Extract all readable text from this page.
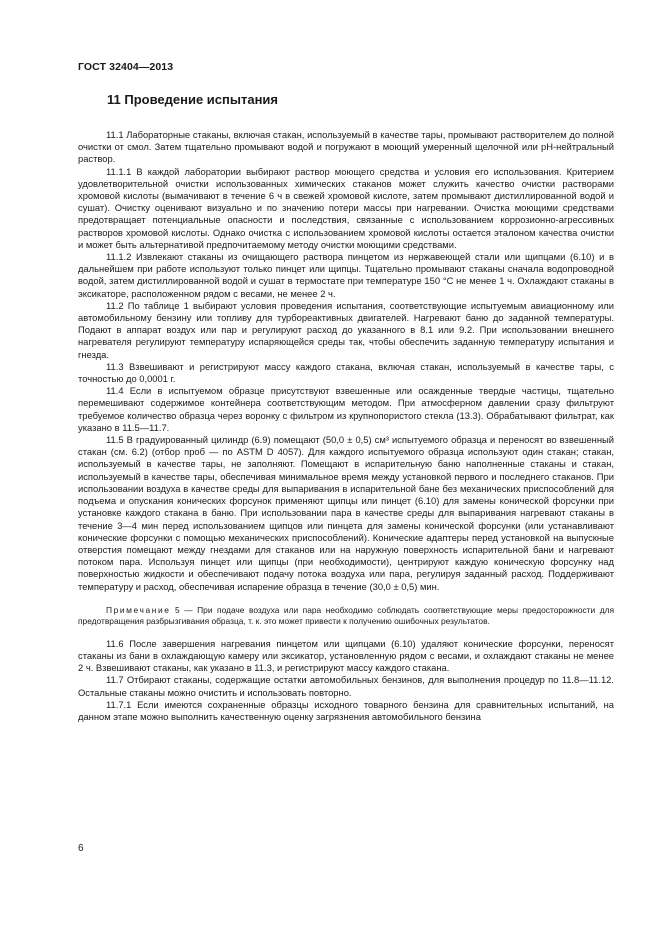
ГОСТ 32404—2013
11 Проведение испытания

11.1 Лабораторные стаканы, включая стакан, используемый в качестве тары, промывают растворителем до полной очистки от смол. Затем тщательно промывают водой и погружают в моющий умеренный щелочной или pH-нейтральный раствор.

11.1.1 В каждой лаборатории выбирают раствор моющего средства и условия его использования. Критерием удовлетворительной очистки использованных химических стаканов может служить качество очистки растворами хромовой кислоты (вымачивают в течение 6 ч в свежей хромовой кислоте, затем промывают дистиллированной водой и сушат). Очистку оценивают визуально и по значению потери массы при нагревании. Очистка моющими средствами предотвращает потенциальные опасности и последствия, связанные с использованием коррозионно-агрессивных растворов хромовой кислоты. Однако очистка с использованием хромовой кислоты остается эталоном качества очистки и может быть альтернативой предпочитаемому методу очистки моющими средствами.

11.1.2 Извлекают стаканы из очищающего раствора пинцетом из нержавеющей стали или щипцами (6.10) и в дальнейшем при работе используют только пинцет или щипцы. Тщательно промывают стаканы сначала водопроводной водой, затем дистиллированной водой и сушат в термостате при температуре 150 °С не менее 1 ч. Охлаждают стаканы в эксикаторе, расположенном рядом с весами, не менее 2 ч.

11.2 По таблице 1 выбирают условия проведения испытания, соответствующие испытуемым авиационному или автомобильному бензину или топливу для турбореактивных двигателей. Нагревают баню до заданной температуры. Подают в аппарат воздух или пар и регулируют расход до указанного в 8.1 или 9.2. При использовании внешнего нагревателя регулируют температуру испаряющейся среды так, чтобы обеспечить заданную температуру испытания и гнезда.

11.3 Взвешивают и регистрируют массу каждого стакана, включая стакан, используемый в качестве тары, с точностью до 0,0001 г.

11.4 Если в испытуемом образце присутствуют взвешенные или осажденные твердые частицы, тщательно перемешивают содержимое контейнера соответствующим методом. При атмосферном давлении сразу фильтруют требуемое количество образца через воронку с фильтром из крупнопористого стекла (13.3). Обрабатывают фильтрат, как указано в 11.5—11.7.

11.5 В градуированный цилиндр (6.9) помещают (50,0 ± 0,5) см³ испытуемого образца и переносят во взвешенный стакан (см. 6.2) (отбор проб — по ASTM D 4057). Для каждого испытуемого образца используют один стакан; стакан, используемый в качестве тары, не заполняют. Помещают в испарительную баню наполненные стаканы и стакан, используемый в качестве тары, обеспечивая минимальное время между установкой первого и последнего стаканов. При использовании воздуха в качестве среды для выпаривания в испарительной бане без механических приспособлений для подъема и опускания конических форсунок применяют щипцы или пинцет (6.10) для замены конической форсунки при установке каждого стакана в баню. При использовании пара в качестве среды для выпаривания нагревают стаканы в течение 3—4 мин перед использованием щипцов или пинцета для замены конической форсунки (или устанавливают конические форсунки с помощью механических приспособлений). Конические адаптеры перед установкой на выпускные отверстия помещают между гнездами для стаканов или на наружную поверхность испарительной бани и нагревают потоком пара. Используя пинцет или щипцы (при необходимости), центрируют каждую коническую форсунку над поверхностью жидкости и обеспечивают подачу потока воздуха или пара, регулируя заданный расход. Поддерживают температуру и расход, обеспечивая испарение образца в течение (30,0 ± 0,5) мин.

Примечание 5 — При подаче воздуха или пара необходимо соблюдать соответствующие меры предосторожности для предотвращения разбрызгивания образца, т. к. это может привести к получению ошибочных результатов.

11.6 После завершения нагревания пинцетом или щипцами (6.10) удаляют конические форсунки, переносят стаканы из бани в охлаждающую камеру или эксикатор, установленную рядом с весами, и охлаждают стаканы не менее 2 ч. Взвешивают стаканы, как указано в 11.3, и регистрируют массу каждого стакана.

11.7 Отбирают стаканы, содержащие остатки автомобильных бензинов, для выполнения процедур по 11.8—11.12. Остальные стаканы можно очистить и использовать повторно.

11.7.1 Если имеются сохраненные образцы исходного товарного бензина для сравнительных испытаний, на данном этапе можно выполнить качественную оценку загрязнения автомобильного бензина

6
